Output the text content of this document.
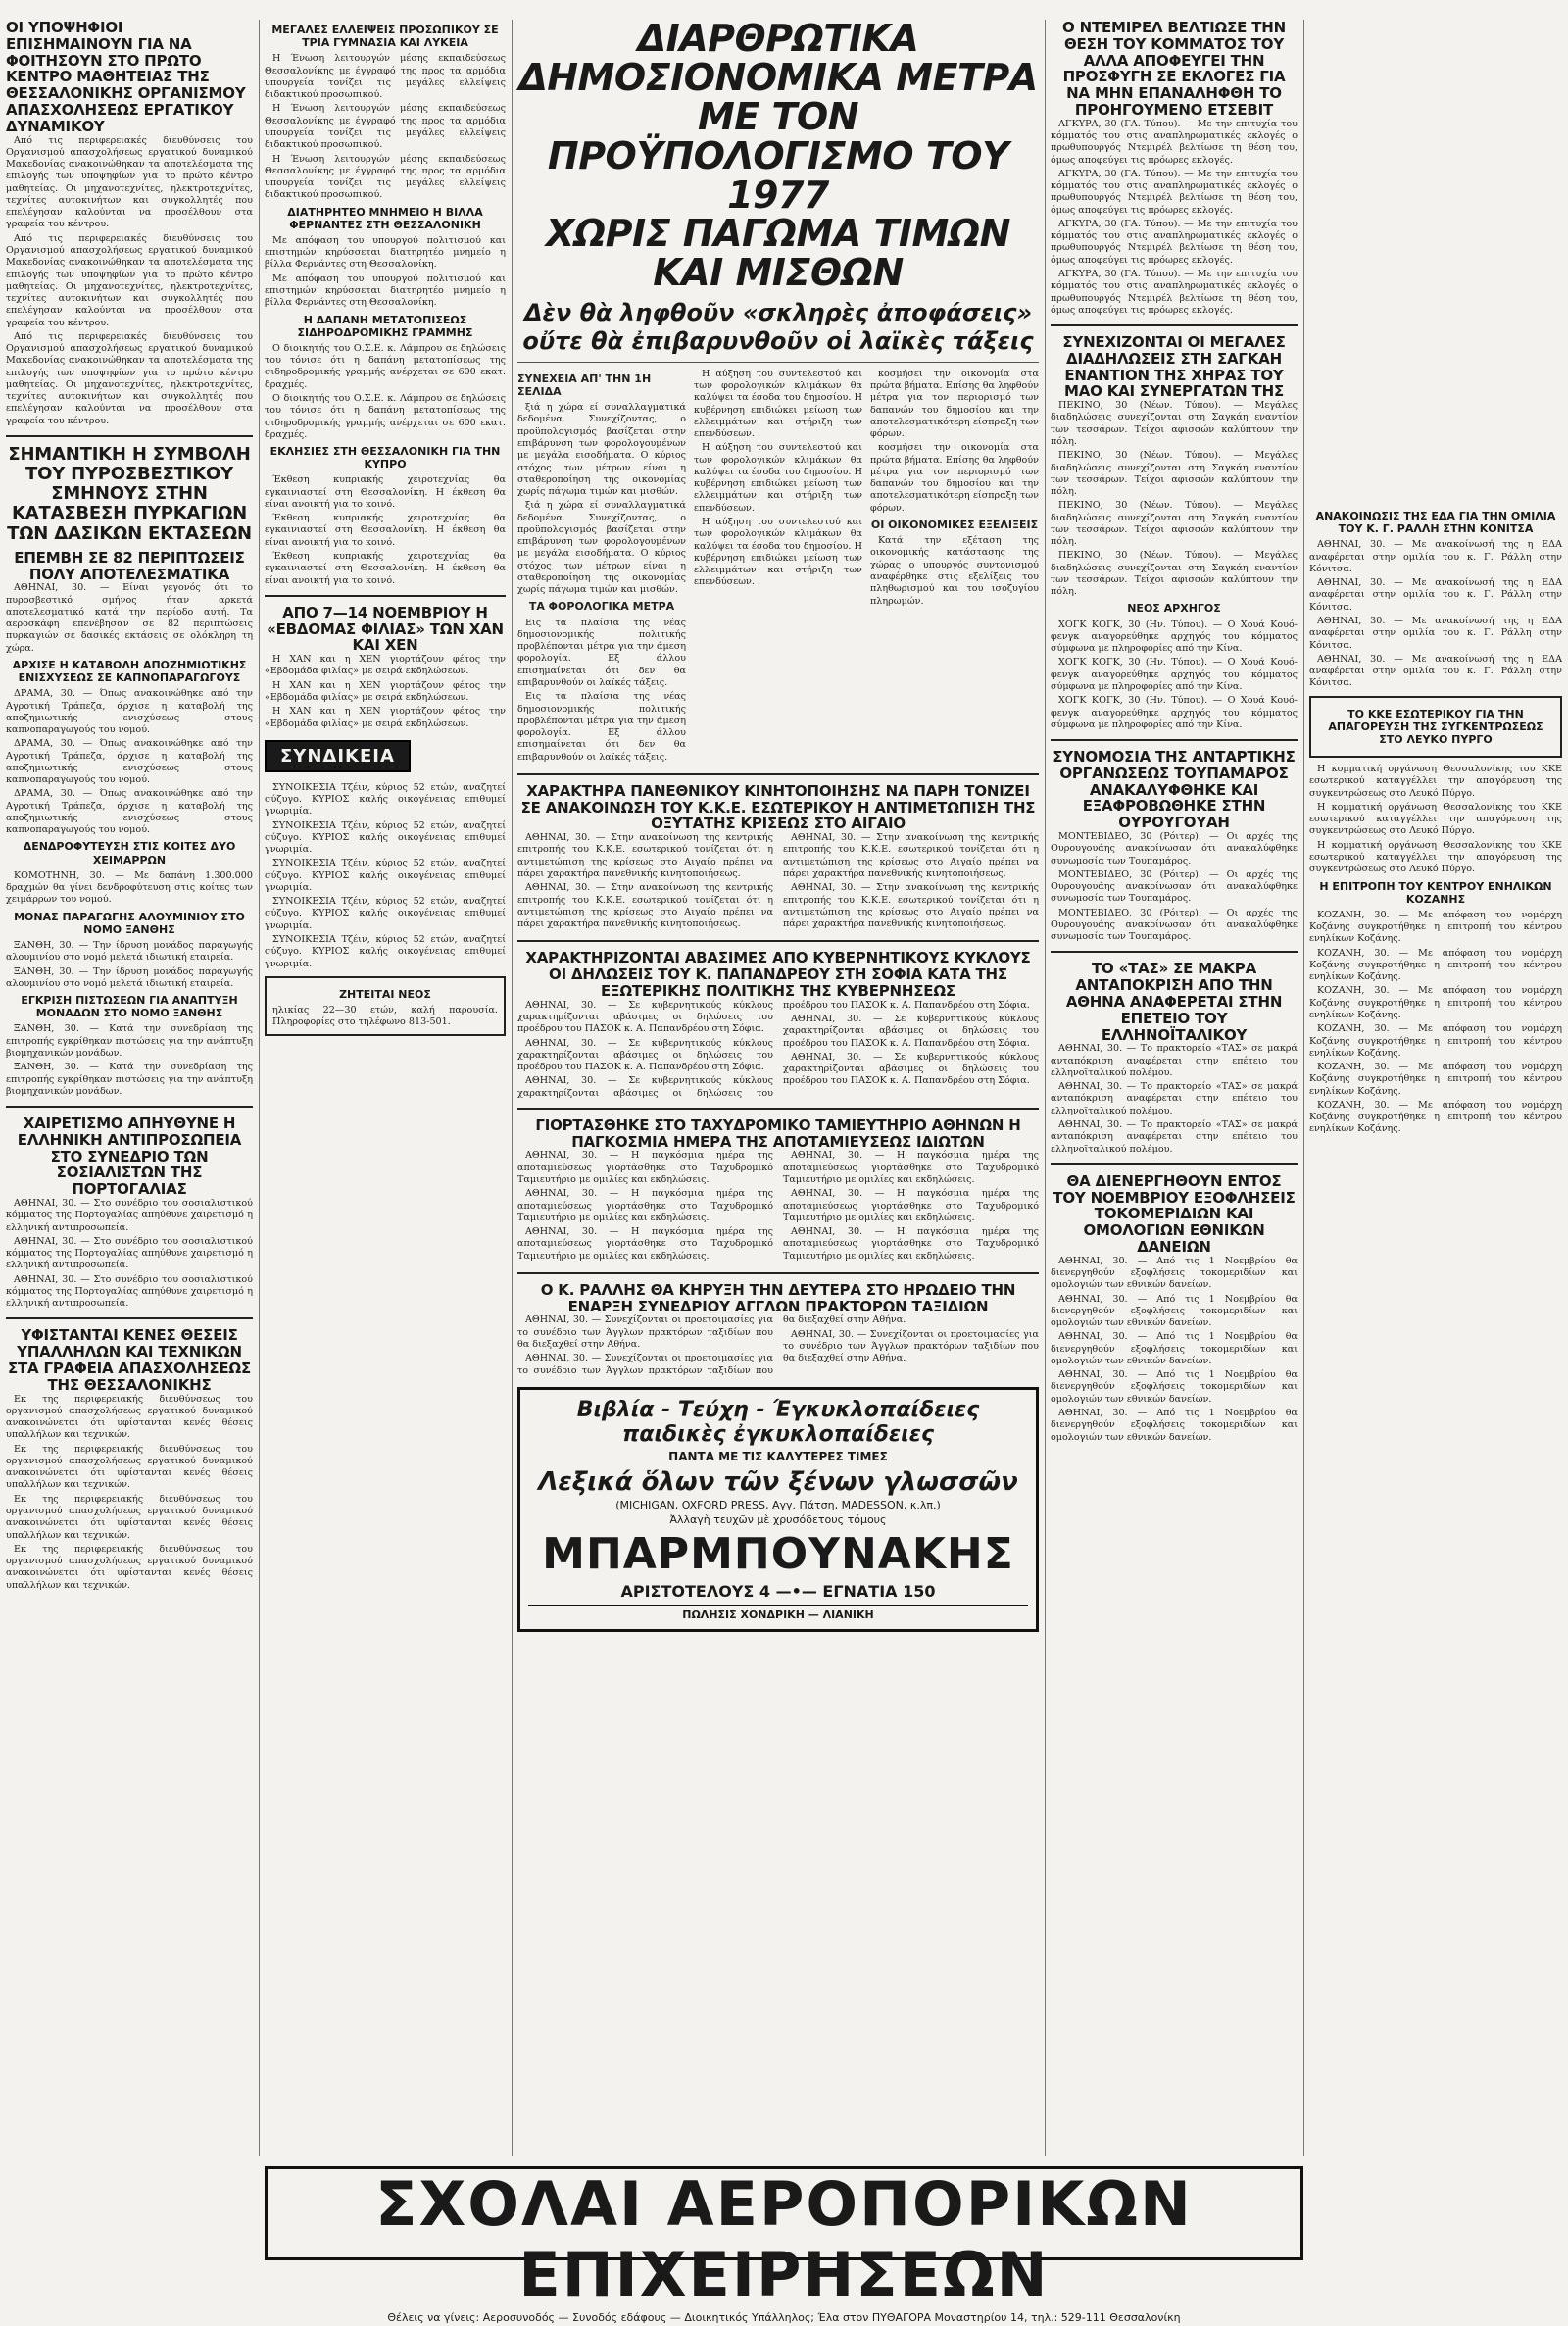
ΟΙ ΥΠΟΨΗΦΙΟΙ ΕΠΙΣΗΜΑΙΝΟΥΝ ΓΙΑ ΝΑ ΦΟΙΤΗΣΟΥΝ ΣΤΟ ΠΡΩΤΟ ΚΕΝΤΡΟ ΜΑΘΗΤΕΙΑΣ ΤΗΣ ΘΕΣΣΑΛΟΝΙΚΗΣ ΟΡΓΑΝΙΣΜΟΥ ΑΠΑΣΧΟΛΗΣΕΩΣ ΕΡΓΑΤΙΚΟΥ ΔΥΝΑΜΙΚΟΥ

Από τις περιφερειακές διευθύνσεις του Οργανισμού απασχολήσεως εργατικού δυναμικού Μακεδονίας ανακοινώθηκαν τα αποτελέσματα της επιλογής των υποψηφίων για το πρώτο κέντρο μαθητείας. Οι μηχανοτεχνίτες, ηλεκτροτεχνίτες, τεχνίτες αυτοκινήτων και συγκολλητές που επελέγησαν καλούνται να προσέλθουν στα γραφεία του κέντρου.

Από τις περιφερειακές διευθύνσεις του Οργανισμού απασχολήσεως εργατικού δυναμικού Μακεδονίας ανακοινώθηκαν τα αποτελέσματα της επιλογής των υποψηφίων για το πρώτο κέντρο μαθητείας. Οι μηχανοτεχνίτες, ηλεκτροτεχνίτες, τεχνίτες αυτοκινήτων και συγκολλητές που επελέγησαν καλούνται να προσέλθουν στα γραφεία του κέντρου.

Από τις περιφερειακές διευθύνσεις του Οργανισμού απασχολήσεως εργατικού δυναμικού Μακεδονίας ανακοινώθηκαν τα αποτελέσματα της επιλογής των υποψηφίων για το πρώτο κέντρο μαθητείας. Οι μηχανοτεχνίτες, ηλεκτροτεχνίτες, τεχνίτες αυτοκινήτων και συγκολλητές που επελέγησαν καλούνται να προσέλθουν στα γραφεία του κέντρου.

ΣΗΜΑΝΤΙΚΗ Η ΣΥΜΒΟΛΗ ΤΟΥ ΠΥΡΟΣΒΕΣΤΙΚΟΥ ΣΜΗΝΟΥΣ ΣΤΗΝ ΚΑΤΑΣΒΕΣΗ ΠΥΡΚΑΓΙΩΝ ΤΩΝ ΔΑΣΙΚΩΝ ΕΚΤΑΣΕΩΝ
ΕΠΕΜΒΗ ΣΕ 82 ΠΕΡΙΠΤΩΣΕΙΣ ΠΟΛΥ ΑΠΟΤΕΛΕΣΜΑΤΙΚΑ

ΑΘΗΝΑΙ, 30. — Είναι γεγονός ότι το πυροσβεστικό σμήνος ήταν αρκετά αποτελεσματικό κατά την περίοδο αυτή. Τα αεροσκάφη επενέβησαν σε 82 περιπτώσεις πυρκαγιών σε δασικές εκτάσεις σε ολόκληρη τη χώρα.

ΑΡΧΙΣΕ Η ΚΑΤΑΒΟΛΗ ΑΠΟΖΗΜΙΩΤΙΚΗΣ ΕΝΙΣΧΥΣΕΩΣ ΣΕ ΚΑΠΝΟΠΑΡΑΓΩΓΟΥΣ

ΔΡΑΜΑ, 30. — Όπως ανακοινώθηκε από την Αγροτική Τράπεζα, άρχισε η καταβολή της αποζημιωτικής ενισχύσεως στους καπνοπαραγωγούς του νομού.

ΔΡΑΜΑ, 30. — Όπως ανακοινώθηκε από την Αγροτική Τράπεζα, άρχισε η καταβολή της αποζημιωτικής ενισχύσεως στους καπνοπαραγωγούς του νομού.

ΔΡΑΜΑ, 30. — Όπως ανακοινώθηκε από την Αγροτική Τράπεζα, άρχισε η καταβολή της αποζημιωτικής ενισχύσεως στους καπνοπαραγωγούς του νομού.

ΔΕΝΔΡΟΦΥΤΕΥΣΗ ΣΤΙΣ ΚΟΙΤΕΣ ΔΥΟ ΧΕΙΜΑΡΡΩΝ

ΚΟΜΟΤΗΝΗ, 30. — Με δαπάνη 1.300.000 δραχμών θα γίνει δενδροφύτευση στις κοίτες των χειμάρρων του νομού.

ΜΟΝΑΣ ΠΑΡΑΓΩΓΗΣ ΑΛΟΥΜΙΝΙΟΥ ΣΤΟ ΝΟΜΟ ΞΑΝΘΗΣ

ΞΑΝΘΗ, 30. — Την ίδρυση μονάδος παραγωγής αλουμινίου στο νομό μελετά ιδιωτική εταιρεία.

ΞΑΝΘΗ, 30. — Την ίδρυση μονάδος παραγωγής αλουμινίου στο νομό μελετά ιδιωτική εταιρεία.

ΕΓΚΡΙΣΗ ΠΙΣΤΩΣΕΩΝ ΓΙΑ ΑΝΑΠΤΥΞΗ ΜΟΝΑΔΩΝ ΣΤΟ ΝΟΜΟ ΞΑΝΘΗΣ

ΞΑΝΘΗ, 30. — Κατά την συνεδρίαση της επιτροπής εγκρίθηκαν πιστώσεις για την ανάπτυξη βιομηχανικών μονάδων.

ΞΑΝΘΗ, 30. — Κατά την συνεδρίαση της επιτροπής εγκρίθηκαν πιστώσεις για την ανάπτυξη βιομηχανικών μονάδων.

ΧΑΙΡΕΤΙΣΜΟ ΑΠΗΥΘΥΝΕ Η ΕΛΛΗΝΙΚΗ ΑΝΤΙΠΡΟΣΩΠΕΙΑ ΣΤΟ ΣΥΝΕΔΡΙΟ ΤΩΝ ΣΟΣΙΑΛΙΣΤΩΝ ΤΗΣ ΠΟΡΤΟΓΑΛΙΑΣ

ΑΘΗΝΑΙ, 30. — Στο συνέδριο του σοσιαλιστικού κόμματος της Πορτογαλίας απηύθυνε χαιρετισμό η ελληνική αντιπροσωπεία.

ΑΘΗΝΑΙ, 30. — Στο συνέδριο του σοσιαλιστικού κόμματος της Πορτογαλίας απηύθυνε χαιρετισμό η ελληνική αντιπροσωπεία.

ΑΘΗΝΑΙ, 30. — Στο συνέδριο του σοσιαλιστικού κόμματος της Πορτογαλίας απηύθυνε χαιρετισμό η ελληνική αντιπροσωπεία.

ΥΦΙΣΤΑΝΤΑΙ ΚΕΝΕΣ ΘΕΣΕΙΣ ΥΠΑΛΛΗΛΩΝ ΚΑΙ ΤΕΧΝΙΚΩΝ ΣΤΑ ΓΡΑΦΕΙΑ ΑΠΑΣΧΟΛΗΣΕΩΣ ΤΗΣ ΘΕΣΣΑΛΟΝΙΚΗΣ

Εκ της περιφερειακής διευθύνσεως του οργανισμού απασχολήσεως εργατικού δυναμικού ανακοινώνεται ότι υφίστανται κενές θέσεις υπαλλήλων και τεχνικών.

Εκ της περιφερειακής διευθύνσεως του οργανισμού απασχολήσεως εργατικού δυναμικού ανακοινώνεται ότι υφίστανται κενές θέσεις υπαλλήλων και τεχνικών.

Εκ της περιφερειακής διευθύνσεως του οργανισμού απασχολήσεως εργατικού δυναμικού ανακοινώνεται ότι υφίστανται κενές θέσεις υπαλλήλων και τεχνικών.

Εκ της περιφερειακής διευθύνσεως του οργανισμού απασχολήσεως εργατικού δυναμικού ανακοινώνεται ότι υφίστανται κενές θέσεις υπαλλήλων και τεχνικών.

ΜΕΓΑΛΕΣ ΕΛΛΕΙΨΕΙΣ ΠΡΟΣΩΠΙΚΟΥ ΣΕ ΤΡΙΑ ΓΥΜΝΑΣΙΑ ΚΑΙ ΛΥΚΕΙΑ

Η Ένωση λειτουργών μέσης εκπαιδεύσεως Θεσσαλονίκης με έγγραφό της προς τα αρμόδια υπουργεία τονίζει τις μεγάλες ελλείψεις διδακτικού προσωπικού.

Η Ένωση λειτουργών μέσης εκπαιδεύσεως Θεσσαλονίκης με έγγραφό της προς τα αρμόδια υπουργεία τονίζει τις μεγάλες ελλείψεις διδακτικού προσωπικού.

Η Ένωση λειτουργών μέσης εκπαιδεύσεως Θεσσαλονίκης με έγγραφό της προς τα αρμόδια υπουργεία τονίζει τις μεγάλες ελλείψεις διδακτικού προσωπικού.

ΔΙΑΤΗΡΗΤΕΟ ΜΝΗΜΕΙΟ Η ΒΙΛΛΑ ΦΕΡΝΑΝΤΕΣ ΣΤΗ ΘΕΣΣΑΛΟΝΙΚΗ

Με απόφαση του υπουργού πολιτισμού και επιστημών κηρύσσεται διατηρητέο μνημείο η βίλλα Φερνάντες στη Θεσσαλονίκη.

Με απόφαση του υπουργού πολιτισμού και επιστημών κηρύσσεται διατηρητέο μνημείο η βίλλα Φερνάντες στη Θεσσαλονίκη.

Η ΔΑΠΑΝΗ ΜΕΤΑΤΟΠΙΣΕΩΣ ΣΙΔΗΡΟΔΡΟΜΙΚΗΣ ΓΡΑΜΜΗΣ

Ο διοικητής του Ο.Σ.Ε. κ. Λάμπρου σε δηλώσεις του τόνισε ότι η δαπάνη μετατοπίσεως της σιδηροδρομικής γραμμής ανέρχεται σε 600 εκατ. δραχμές.

Ο διοικητής του Ο.Σ.Ε. κ. Λάμπρου σε δηλώσεις του τόνισε ότι η δαπάνη μετατοπίσεως της σιδηροδρομικής γραμμής ανέρχεται σε 600 εκατ. δραχμές.

ΕΚΛΗΣΙΕΣ ΣΤΗ ΘΕΣΣΑΛΟΝΙΚΗ ΓΙΑ ΤΗΝ ΚΥΠΡΟ

Έκθεση κυπριακής χειροτεχνίας θα εγκαινιαστεί στη Θεσσαλονίκη. Η έκθεση θα είναι ανοικτή για το κοινό.

Έκθεση κυπριακής χειροτεχνίας θα εγκαινιαστεί στη Θεσσαλονίκη. Η έκθεση θα είναι ανοικτή για το κοινό.

Έκθεση κυπριακής χειροτεχνίας θα εγκαινιαστεί στη Θεσσαλονίκη. Η έκθεση θα είναι ανοικτή για το κοινό.

ΑΠΟ 7—14 ΝΟΕΜΒΡΙΟΥ Η «ΕΒΔΟΜΑΣ ΦΙΛΙΑΣ» ΤΩΝ ΧΑΝ ΚΑΙ ΧΕΝ

Η ΧΑΝ και η ΧΕΝ γιορτάζουν φέτος την «Εβδομάδα φιλίας» με σειρά εκδηλώσεων.

Η ΧΑΝ και η ΧΕΝ γιορτάζουν φέτος την «Εβδομάδα φιλίας» με σειρά εκδηλώσεων.

Η ΧΑΝ και η ΧΕΝ γιορτάζουν φέτος την «Εβδομάδα φιλίας» με σειρά εκδηλώσεων.

ΣΥΝΔΙΚΕΙΑ

ΣΥΝΟΙΚΕΣΙΑ Τζέιν, κύριος 52 ετών, αναζητεί σύζυγο. ΚΥΡΙΟΣ καλής οικογένειας επιθυμεί γνωριμία.

ΣΥΝΟΙΚΕΣΙΑ Τζέιν, κύριος 52 ετών, αναζητεί σύζυγο. ΚΥΡΙΟΣ καλής οικογένειας επιθυμεί γνωριμία.

ΣΥΝΟΙΚΕΣΙΑ Τζέιν, κύριος 52 ετών, αναζητεί σύζυγο. ΚΥΡΙΟΣ καλής οικογένειας επιθυμεί γνωριμία.

ΣΥΝΟΙΚΕΣΙΑ Τζέιν, κύριος 52 ετών, αναζητεί σύζυγο. ΚΥΡΙΟΣ καλής οικογένειας επιθυμεί γνωριμία.

ΣΥΝΟΙΚΕΣΙΑ Τζέιν, κύριος 52 ετών, αναζητεί σύζυγο. ΚΥΡΙΟΣ καλής οικογένειας επιθυμεί γνωριμία.

ΖΗΤΕΙΤΑΙ ΝΕΟΣ
ηλικίας 22—30 ετών, καλή παρουσία. Πληροφορίες στο τηλέφωνο 813-501.
ΔΙΑΡΘΡΩΤΙΚΑ ΔΗΜΟΣΙΟΝΟΜΙΚΑ ΜΕΤΡΑ
ΜΕ ΤΟΝ ΠΡΟΫΠΟΛΟΓΙΣΜΟ ΤΟΥ 1977
ΧΩΡΙΣ ΠΑΓΩΜΑ ΤΙΜΩΝ ΚΑΙ ΜΙΣΘΩΝ
Δὲν θὰ ληφθοῦν «σκληρὲς ἀποφάσεις»
οὔτε θὰ ἐπιβαρυνθοῦν οἱ λαϊκὲς τάξεις
ΣΥΝΕΧΕΙΑ ΑΠ' ΤΗΝ 1Η ΣΕΛΙΔΑ

ξιά η χώρα εί συναλλαγματικά δεδομένα. Συνεχίζοντας, ο προϋπολογισμός βασίζεται στην επιβάρυνση των φορολογουμένων με μεγάλα εισοδήματα. Ο κύριος στόχος των μέτρων είναι η σταθεροποίηση της οικονομίας χωρίς πάγωμα τιμών και μισθών.

ξιά η χώρα εί συναλλαγματικά δεδομένα. Συνεχίζοντας, ο προϋπολογισμός βασίζεται στην επιβάρυνση των φορολογουμένων με μεγάλα εισοδήματα. Ο κύριος στόχος των μέτρων είναι η σταθεροποίηση της οικονομίας χωρίς πάγωμα τιμών και μισθών.

ΤΑ ΦΟΡΟΛΟΓΙΚΑ ΜΕΤΡΑ

Εις τα πλαίσια της νέας δημοσιονομικής πολιτικής προβλέπονται μέτρα για την άμεση φορολογία. Εξ άλλου επισημαίνεται ότι δεν θα επιβαρυνθούν οι λαϊκές τάξεις.

Εις τα πλαίσια της νέας δημοσιονομικής πολιτικής προβλέπονται μέτρα για την άμεση φορολογία. Εξ άλλου επισημαίνεται ότι δεν θα επιβαρυνθούν οι λαϊκές τάξεις.

Η αύξηση του συντελεστού και των φορολογικών κλιμάκων θα καλύψει τα έσοδα του δημοσίου. Η κυβέρνηση επιδιώκει μείωση των ελλειμμάτων και στήριξη των επενδύσεων.

Η αύξηση του συντελεστού και των φορολογικών κλιμάκων θα καλύψει τα έσοδα του δημοσίου. Η κυβέρνηση επιδιώκει μείωση των ελλειμμάτων και στήριξη των επενδύσεων.

Η αύξηση του συντελεστού και των φορολογικών κλιμάκων θα καλύψει τα έσοδα του δημοσίου. Η κυβέρνηση επιδιώκει μείωση των ελλειμμάτων και στήριξη των επενδύσεων.

κοσμήσει την οικονομία στα πρώτα βήματα. Επίσης θα ληφθούν μέτρα για τον περιορισμό των δαπανών του δημοσίου και την αποτελεσματικότερη είσπραξη των φόρων.

κοσμήσει την οικονομία στα πρώτα βήματα. Επίσης θα ληφθούν μέτρα για τον περιορισμό των δαπανών του δημοσίου και την αποτελεσματικότερη είσπραξη των φόρων.

ΟΙ ΟΙΚΟΝΟΜΙΚΕΣ ΕΞΕΛΙΞΕΙΣ

Κατά την εξέταση της οικονομικής κατάστασης της χώρας ο υπουργός συντονισμού αναφέρθηκε στις εξελίξεις του πληθωρισμού και του ισοζυγίου πληρωμών.

ΧΑΡΑΚΤΗΡΑ ΠΑΝΕΘΝΙΚΟΥ ΚΙΝΗΤΟΠΟΙΗΣΗΣ ΝΑ ΠΑΡΗ ΤΟΝΙΖΕΙ ΣΕ ΑΝΑΚΟΙΝΩΣΗ ΤΟΥ Κ.Κ.Ε. ΕΣΩΤΕΡΙΚΟΥ Η ΑΝΤΙΜΕΤΩΠΙΣΗ ΤΗΣ ΟΞΥΤΑΤΗΣ ΚΡΙΣΕΩΣ ΣΤΟ ΑΙΓΑΙΟ

ΑΘΗΝΑΙ, 30. — Στην ανακοίνωση της κεντρικής επιτροπής του Κ.Κ.Ε. εσωτερικού τονίζεται ότι η αντιμετώπιση της κρίσεως στο Αιγαίο πρέπει να πάρει χαρακτήρα πανεθνικής κινητοποιήσεως.

ΑΘΗΝΑΙ, 30. — Στην ανακοίνωση της κεντρικής επιτροπής του Κ.Κ.Ε. εσωτερικού τονίζεται ότι η αντιμετώπιση της κρίσεως στο Αιγαίο πρέπει να πάρει χαρακτήρα πανεθνικής κινητοποιήσεως.

ΑΘΗΝΑΙ, 30. — Στην ανακοίνωση της κεντρικής επιτροπής του Κ.Κ.Ε. εσωτερικού τονίζεται ότι η αντιμετώπιση της κρίσεως στο Αιγαίο πρέπει να πάρει χαρακτήρα πανεθνικής κινητοποιήσεως.

ΑΘΗΝΑΙ, 30. — Στην ανακοίνωση της κεντρικής επιτροπής του Κ.Κ.Ε. εσωτερικού τονίζεται ότι η αντιμετώπιση της κρίσεως στο Αιγαίο πρέπει να πάρει χαρακτήρα πανεθνικής κινητοποιήσεως.

ΧΑΡΑΚΤΗΡΙΖΟΝΤΑΙ ΑΒΑΣΙΜΕΣ ΑΠΟ ΚΥΒΕΡΝΗΤΙΚΟΥΣ ΚΥΚΛΟΥΣ ΟΙ ΔΗΛΩΣΕΙΣ ΤΟΥ Κ. ΠΑΠΑΝΔΡΕΟΥ ΣΤΗ ΣΟΦΙΑ ΚΑΤΑ ΤΗΣ ΕΞΩΤΕΡΙΚΗΣ ΠΟΛΙΤΙΚΗΣ ΤΗΣ ΚΥΒΕΡΝΗΣΕΩΣ

ΑΘΗΝΑΙ, 30. — Σε κυβερνητικούς κύκλους χαρακτηρίζονται αβάσιμες οι δηλώσεις του προέδρου του ΠΑΣΟΚ κ. Α. Παπανδρέου στη Σόφια.

ΑΘΗΝΑΙ, 30. — Σε κυβερνητικούς κύκλους χαρακτηρίζονται αβάσιμες οι δηλώσεις του προέδρου του ΠΑΣΟΚ κ. Α. Παπανδρέου στη Σόφια.

ΑΘΗΝΑΙ, 30. — Σε κυβερνητικούς κύκλους χαρακτηρίζονται αβάσιμες οι δηλώσεις του προέδρου του ΠΑΣΟΚ κ. Α. Παπανδρέου στη Σόφια.

ΑΘΗΝΑΙ, 30. — Σε κυβερνητικούς κύκλους χαρακτηρίζονται αβάσιμες οι δηλώσεις του προέδρου του ΠΑΣΟΚ κ. Α. Παπανδρέου στη Σόφια.

ΑΘΗΝΑΙ, 30. — Σε κυβερνητικούς κύκλους χαρακτηρίζονται αβάσιμες οι δηλώσεις του προέδρου του ΠΑΣΟΚ κ. Α. Παπανδρέου στη Σόφια.

ΓΙΟΡΤΑΣΘΗΚΕ ΣΤΟ ΤΑΧΥΔΡΟΜΙΚΟ ΤΑΜΙΕΥΤΗΡΙΟ ΑΘΗΝΩΝ Η ΠΑΓΚΟΣΜΙΑ ΗΜΕΡΑ ΤΗΣ ΑΠΟΤΑΜΙΕΥΣΕΩΣ ΙΔΙΩΤΩΝ

ΑΘΗΝΑΙ, 30. — Η παγκόσμια ημέρα της αποταμιεύσεως γιορτάσθηκε στο Ταχυδρομικό Ταμιευτήριο με ομιλίες και εκδηλώσεις.

ΑΘΗΝΑΙ, 30. — Η παγκόσμια ημέρα της αποταμιεύσεως γιορτάσθηκε στο Ταχυδρομικό Ταμιευτήριο με ομιλίες και εκδηλώσεις.

ΑΘΗΝΑΙ, 30. — Η παγκόσμια ημέρα της αποταμιεύσεως γιορτάσθηκε στο Ταχυδρομικό Ταμιευτήριο με ομιλίες και εκδηλώσεις.

ΑΘΗΝΑΙ, 30. — Η παγκόσμια ημέρα της αποταμιεύσεως γιορτάσθηκε στο Ταχυδρομικό Ταμιευτήριο με ομιλίες και εκδηλώσεις.

ΑΘΗΝΑΙ, 30. — Η παγκόσμια ημέρα της αποταμιεύσεως γιορτάσθηκε στο Ταχυδρομικό Ταμιευτήριο με ομιλίες και εκδηλώσεις.

ΑΘΗΝΑΙ, 30. — Η παγκόσμια ημέρα της αποταμιεύσεως γιορτάσθηκε στο Ταχυδρομικό Ταμιευτήριο με ομιλίες και εκδηλώσεις.

Ο Κ. ΡΑΛΛΗΣ ΘΑ ΚΗΡΥΞΗ ΤΗΝ ΔΕΥΤΕΡΑ ΣΤΟ ΗΡΩΔΕΙΟ ΤΗΝ ΕΝΑΡΞΗ ΣΥΝΕΔΡΙΟΥ ΑΓΓΛΩΝ ΠΡΑΚΤΟΡΩΝ ΤΑΞΙΔΙΩΝ

ΑΘΗΝΑΙ, 30. — Συνεχίζονται οι προετοιμασίες για το συνέδριο των Άγγλων πρακτόρων ταξιδίων που θα διεξαχθεί στην Αθήνα.

ΑΘΗΝΑΙ, 30. — Συνεχίζονται οι προετοιμασίες για το συνέδριο των Άγγλων πρακτόρων ταξιδίων που θα διεξαχθεί στην Αθήνα.

ΑΘΗΝΑΙ, 30. — Συνεχίζονται οι προετοιμασίες για το συνέδριο των Άγγλων πρακτόρων ταξιδίων που θα διεξαχθεί στην Αθήνα.

Βιβλία - Τεύχη - Έγκυκλοπαίδειες
παιδικὲς ἐγκυκλοπαίδειες
ΠΑΝΤΑ ΜΕ ΤΙΣ ΚΑΛΥΤΕΡΕΣ ΤΙΜΕΣ
Λεξικά ὅλων τῶν ξένων γλωσσῶν
(MICHIGAN, OXFORD PRESS, Αγγ. Πάτση, MADESSON, κ.λπ.)
Ἀλλαγὴ τευχῶν μὲ χρυσόδετους τόμους
ΜΠΑΡΜΠΟΥΝΑΚΗΣ
ΑΡΙΣΤΟΤΕΛΟΥΣ 4 —•— ΕΓΝΑΤΙΑ 150
ΠΩΛΗΣΙΣ ΧΟΝΔΡΙΚΗ — ΛΙΑΝΙΚΗ
Ο ΝΤΕΜΙΡΕΛ ΒΕΛΤΙΩΣΕ ΤΗΝ ΘΕΣΗ ΤΟΥ ΚΟΜΜΑΤΟΣ ΤΟΥ ΑΛΛΑ ΑΠΟΦΕΥΓΕΙ ΤΗΝ ΠΡΟΣΦΥΓΗ ΣΕ ΕΚΛΟΓΕΣ ΓΙΑ ΝΑ ΜΗΝ ΕΠΑΝΑΛΗΦΘΗ ΤΟ ΠΡΟΗΓΟΥΜΕΝΟ ΕΤΣΕΒΙΤ

ΑΓΚΥΡΑ, 30 (ΓΑ. Τύπου). — Με την επιτυχία του κόμματός του στις αναπληρωματικές εκλογές ο πρωθυπουργός Ντεμιρέλ βελτίωσε τη θέση του, όμως αποφεύγει τις πρόωρες εκλογές.

ΑΓΚΥΡΑ, 30 (ΓΑ. Τύπου). — Με την επιτυχία του κόμματός του στις αναπληρωματικές εκλογές ο πρωθυπουργός Ντεμιρέλ βελτίωσε τη θέση του, όμως αποφεύγει τις πρόωρες εκλογές.

ΑΓΚΥΡΑ, 30 (ΓΑ. Τύπου). — Με την επιτυχία του κόμματός του στις αναπληρωματικές εκλογές ο πρωθυπουργός Ντεμιρέλ βελτίωσε τη θέση του, όμως αποφεύγει τις πρόωρες εκλογές.

ΑΓΚΥΡΑ, 30 (ΓΑ. Τύπου). — Με την επιτυχία του κόμματός του στις αναπληρωματικές εκλογές ο πρωθυπουργός Ντεμιρέλ βελτίωσε τη θέση του, όμως αποφεύγει τις πρόωρες εκλογές.

ΣΥΝΕΧΙΖΟΝΤΑΙ ΟΙ ΜΕΓΑΛΕΣ ΔΙΑΔΗΛΩΣΕΙΣ ΣΤΗ ΣΑΓΚΑΗ ΕΝΑΝΤΙΟΝ ΤΗΣ ΧΗΡΑΣ ΤΟΥ ΜΑΟ ΚΑΙ ΣΥΝΕΡΓΑΤΩΝ ΤΗΣ

ΠΕΚΙΝΟ, 30 (Νέων. Τύπου). — Μεγάλες διαδηλώσεις συνεχίζονται στη Σαγκάη εναντίον των τεσσάρων. Τείχοι αφισσών καλύπτουν την πόλη.

ΠΕΚΙΝΟ, 30 (Νέων. Τύπου). — Μεγάλες διαδηλώσεις συνεχίζονται στη Σαγκάη εναντίον των τεσσάρων. Τείχοι αφισσών καλύπτουν την πόλη.

ΠΕΚΙΝΟ, 30 (Νέων. Τύπου). — Μεγάλες διαδηλώσεις συνεχίζονται στη Σαγκάη εναντίον των τεσσάρων. Τείχοι αφισσών καλύπτουν την πόλη.

ΠΕΚΙΝΟ, 30 (Νέων. Τύπου). — Μεγάλες διαδηλώσεις συνεχίζονται στη Σαγκάη εναντίον των τεσσάρων. Τείχοι αφισσών καλύπτουν την πόλη.

ΝΕΟΣ ΑΡΧΗΓΟΣ

ΧΟΓΚ ΚΟΓΚ, 30 (Ην. Τύπου). — Ο Χουά Κουό-φενγκ αναγορεύθηκε αρχηγός του κόμματος σύμφωνα με πληροφορίες από την Κίνα.

ΧΟΓΚ ΚΟΓΚ, 30 (Ην. Τύπου). — Ο Χουά Κουό-φενγκ αναγορεύθηκε αρχηγός του κόμματος σύμφωνα με πληροφορίες από την Κίνα.

ΧΟΓΚ ΚΟΓΚ, 30 (Ην. Τύπου). — Ο Χουά Κουό-φενγκ αναγορεύθηκε αρχηγός του κόμματος σύμφωνα με πληροφορίες από την Κίνα.

ΣΥΝΟΜΟΣΙΑ ΤΗΣ ΑΝΤΑΡΤΙΚΗΣ ΟΡΓΑΝΩΣΕΩΣ ΤΟΥΠΑΜΑΡΟΣ ΑΝΑΚΑΛΥΦΘΗΚΕ ΚΑΙ ΕΞΑΦΡΟΒΩΘΗΚΕ ΣΤΗΝ ΟΥΡΟΥΓΟΥΑΗ

ΜΟΝΤΕΒΙΔΕΟ, 30 (Ρόιτερ). — Οι αρχές της Ουρουγουάης ανακοίνωσαν ότι ανακαλύφθηκε συνωμοσία των Τουπαμάρος.

ΜΟΝΤΕΒΙΔΕΟ, 30 (Ρόιτερ). — Οι αρχές της Ουρουγουάης ανακοίνωσαν ότι ανακαλύφθηκε συνωμοσία των Τουπαμάρος.

ΜΟΝΤΕΒΙΔΕΟ, 30 (Ρόιτερ). — Οι αρχές της Ουρουγουάης ανακοίνωσαν ότι ανακαλύφθηκε συνωμοσία των Τουπαμάρος.

ΤΟ «ΤΑΣ» ΣΕ ΜΑΚΡΑ ΑΝΤΑΠΟΚΡΙΣΗ ΑΠΟ ΤΗΝ ΑΘΗΝΑ ΑΝΑΦΕΡΕΤΑΙ ΣΤΗΝ ΕΠΕΤΕΙΟ ΤΟΥ ΕΛΛΗΝΟΪΤΑΛΙΚΟΥ

ΑΘΗΝΑΙ, 30. — Το πρακτορείο «ΤΑΣ» σε μακρά ανταπόκριση αναφέρεται στην επέτειο του ελληνοϊταλικού πολέμου.

ΑΘΗΝΑΙ, 30. — Το πρακτορείο «ΤΑΣ» σε μακρά ανταπόκριση αναφέρεται στην επέτειο του ελληνοϊταλικού πολέμου.

ΑΘΗΝΑΙ, 30. — Το πρακτορείο «ΤΑΣ» σε μακρά ανταπόκριση αναφέρεται στην επέτειο του ελληνοϊταλικού πολέμου.

ΘΑ ΔΙΕΝΕΡΓΗΘΟΥΝ ΕΝΤΟΣ ΤΟΥ ΝΟΕΜΒΡΙΟΥ ΕΞΟΦΛΗΣΕΙΣ ΤΟΚΟΜΕΡΙΔΙΩΝ ΚΑΙ ΟΜΟΛΟΓΙΩΝ ΕΘΝΙΚΩΝ ΔΑΝΕΙΩΝ

ΑΘΗΝΑΙ, 30. — Από τις 1 Νοεμβρίου θα διενεργηθούν εξοφλήσεις τοκομεριδίων και ομολογιών των εθνικών δανείων.

ΑΘΗΝΑΙ, 30. — Από τις 1 Νοεμβρίου θα διενεργηθούν εξοφλήσεις τοκομεριδίων και ομολογιών των εθνικών δανείων.

ΑΘΗΝΑΙ, 30. — Από τις 1 Νοεμβρίου θα διενεργηθούν εξοφλήσεις τοκομεριδίων και ομολογιών των εθνικών δανείων.

ΑΘΗΝΑΙ, 30. — Από τις 1 Νοεμβρίου θα διενεργηθούν εξοφλήσεις τοκομεριδίων και ομολογιών των εθνικών δανείων.

ΑΘΗΝΑΙ, 30. — Από τις 1 Νοεμβρίου θα διενεργηθούν εξοφλήσεις τοκομεριδίων και ομολογιών των εθνικών δανείων.

ΑΝΑΚΟΙΝΩΣΙΣ ΤΗΣ ΕΔΑ ΓΙΑ ΤΗΝ ΟΜΙΛΙΑ ΤΟΥ Κ. Γ. ΡΑΛΛΗ ΣΤΗΝ ΚΟΝΙΤΣΑ

ΑΘΗΝΑΙ, 30. — Με ανακοίνωσή της η ΕΔΑ αναφέρεται στην ομιλία του κ. Γ. Ράλλη στην Κόνιτσα.

ΑΘΗΝΑΙ, 30. — Με ανακοίνωσή της η ΕΔΑ αναφέρεται στην ομιλία του κ. Γ. Ράλλη στην Κόνιτσα.

ΑΘΗΝΑΙ, 30. — Με ανακοίνωσή της η ΕΔΑ αναφέρεται στην ομιλία του κ. Γ. Ράλλη στην Κόνιτσα.

ΑΘΗΝΑΙ, 30. — Με ανακοίνωσή της η ΕΔΑ αναφέρεται στην ομιλία του κ. Γ. Ράλλη στην Κόνιτσα.

ΤΟ ΚΚΕ ΕΣΩΤΕΡΙΚΟΥ ΓΙΑ ΤΗΝ ΑΠΑΓΟΡΕΥΣΗ ΤΗΣ ΣΥΓΚΕΝΤΡΩΣΕΩΣ ΣΤΟ ΛΕΥΚΟ ΠΥΡΓΟ

Η κομματική οργάνωση Θεσσαλονίκης του ΚΚΕ εσωτερικού καταγγέλλει την απαγόρευση της συγκεντρώσεως στο Λευκό Πύργο.

Η κομματική οργάνωση Θεσσαλονίκης του ΚΚΕ εσωτερικού καταγγέλλει την απαγόρευση της συγκεντρώσεως στο Λευκό Πύργο.

Η κομματική οργάνωση Θεσσαλονίκης του ΚΚΕ εσωτερικού καταγγέλλει την απαγόρευση της συγκεντρώσεως στο Λευκό Πύργο.

Η ΕΠΙΤΡΟΠΗ ΤΟΥ ΚΕΝΤΡΟΥ ΕΝΗΛΙΚΩΝ ΚΟΖΑΝΗΣ

ΚΟΖΑΝΗ, 30. — Με απόφαση του νομάρχη Κοζάνης συγκροτήθηκε η επιτροπή του κέντρου ενηλίκων Κοζάνης.

ΚΟΖΑΝΗ, 30. — Με απόφαση του νομάρχη Κοζάνης συγκροτήθηκε η επιτροπή του κέντρου ενηλίκων Κοζάνης.

ΚΟΖΑΝΗ, 30. — Με απόφαση του νομάρχη Κοζάνης συγκροτήθηκε η επιτροπή του κέντρου ενηλίκων Κοζάνης.

ΚΟΖΑΝΗ, 30. — Με απόφαση του νομάρχη Κοζάνης συγκροτήθηκε η επιτροπή του κέντρου ενηλίκων Κοζάνης.

ΚΟΖΑΝΗ, 30. — Με απόφαση του νομάρχη Κοζάνης συγκροτήθηκε η επιτροπή του κέντρου ενηλίκων Κοζάνης.

ΚΟΖΑΝΗ, 30. — Με απόφαση του νομάρχη Κοζάνης συγκροτήθηκε η επιτροπή του κέντρου ενηλίκων Κοζάνης.

ΣΧΟΛΑΙ ΑΕΡΟΠΟΡΙΚΩΝ ΕΠΙΧΕΙΡΗΣΕΩΝ
Θέλεις να γίνεις: Αεροσυνοδός — Συνοδός εδάφους — Διοικητικός Υπάλληλος; Έλα στον ΠΥΘΑΓΟΡΑ Μοναστηρίου 14, τηλ.: 529-111 Θεσσαλονίκη
